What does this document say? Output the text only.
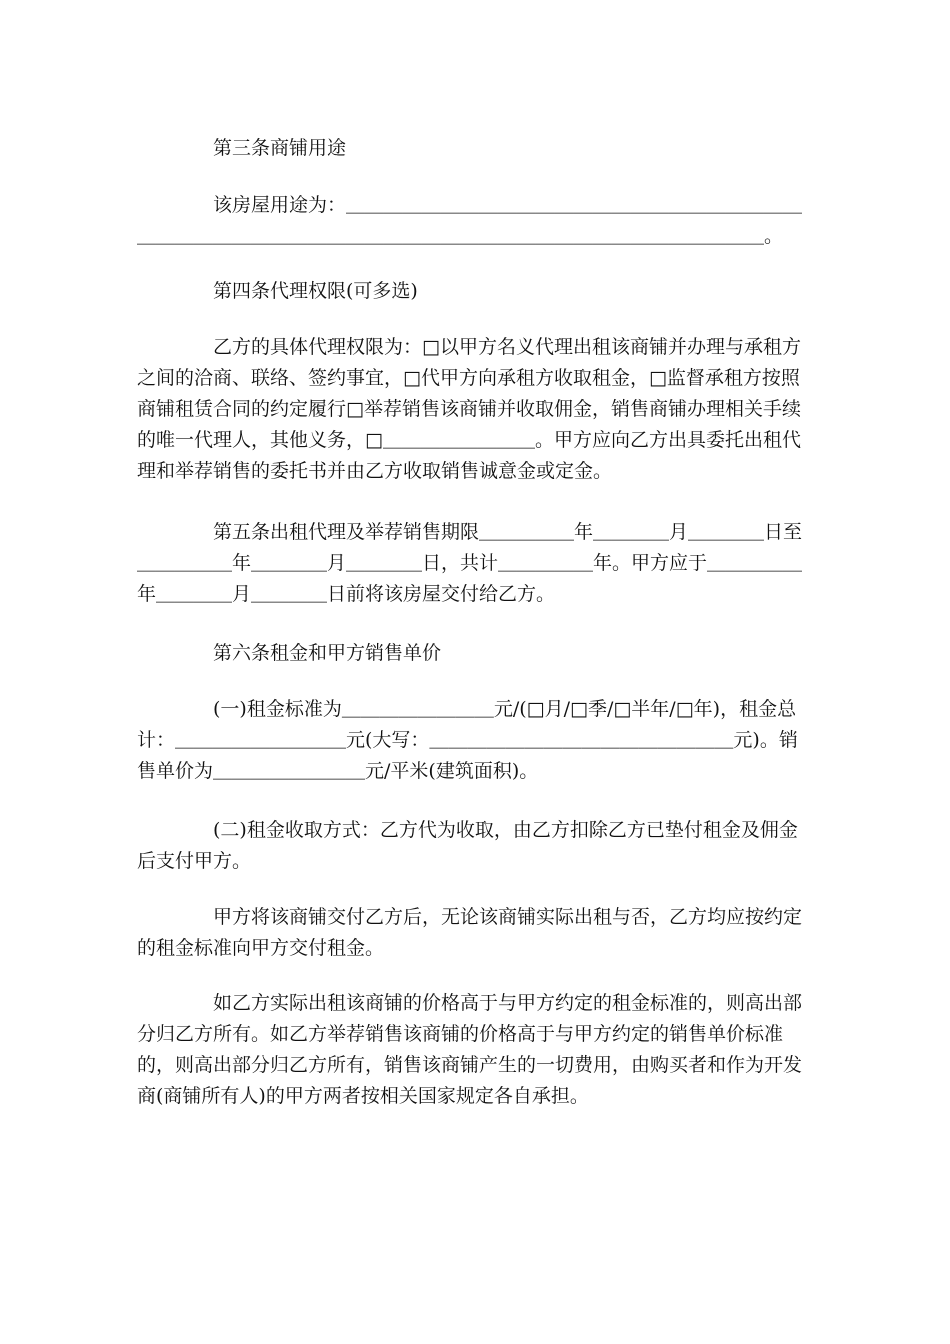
第三条商铺用途

该房屋用途为：＿＿＿＿＿＿＿＿＿＿＿＿＿＿＿＿＿＿＿＿＿＿＿＿＿＿＿＿＿＿＿＿＿＿＿＿＿＿＿＿＿＿＿＿＿＿＿＿＿＿＿＿＿＿＿＿＿。

第四条代理权限(可多选)

乙方的具体代理权限为：□以甲方名义代理出租该商铺并办理与承租方之间的洽商、联络、签约事宜，□代甲方向承租方收取租金，□监督承租方按照商铺租赁合同的约定履行□举荐销售该商铺并收取佣金，销售商铺办理相关手续的唯一代理人，其他义务，□＿＿＿＿＿＿＿＿。甲方应向乙方出具委托出租代理和举荐销售的委托书并由乙方收取销售诚意金或定金。

第五条出租代理及举荐销售期限＿＿＿＿＿年＿＿＿＿月＿＿＿＿日至＿＿＿＿＿年＿＿＿＿月＿＿＿＿日，共计＿＿＿＿＿年。甲方应于＿＿＿＿＿年＿＿＿＿月＿＿＿＿日前将该房屋交付给乙方。

第六条租金和甲方销售单价

(一)租金标准为＿＿＿＿＿＿＿＿元/(□月/□季/□半年/□年)，租金总计：＿＿＿＿＿＿＿＿＿元(大写：＿＿＿＿＿＿＿＿＿＿＿＿＿＿＿＿元)。销售单价为＿＿＿＿＿＿＿＿元/平米(建筑面积)。

(二)租金收取方式：乙方代为收取，由乙方扣除乙方已垫付租金及佣金后支付甲方。

甲方将该商铺交付乙方后，无论该商铺实际出租与否，乙方均应按约定的租金标准向甲方交付租金。

如乙方实际出租该商铺的价格高于与甲方约定的租金标准的，则高出部分归乙方所有。如乙方举荐销售该商铺的价格高于与甲方约定的销售单价标准的，则高出部分归乙方所有，销售该商铺产生的一切费用，由购买者和作为开发商(商铺所有人)的甲方两者按相关国家规定各自承担。
